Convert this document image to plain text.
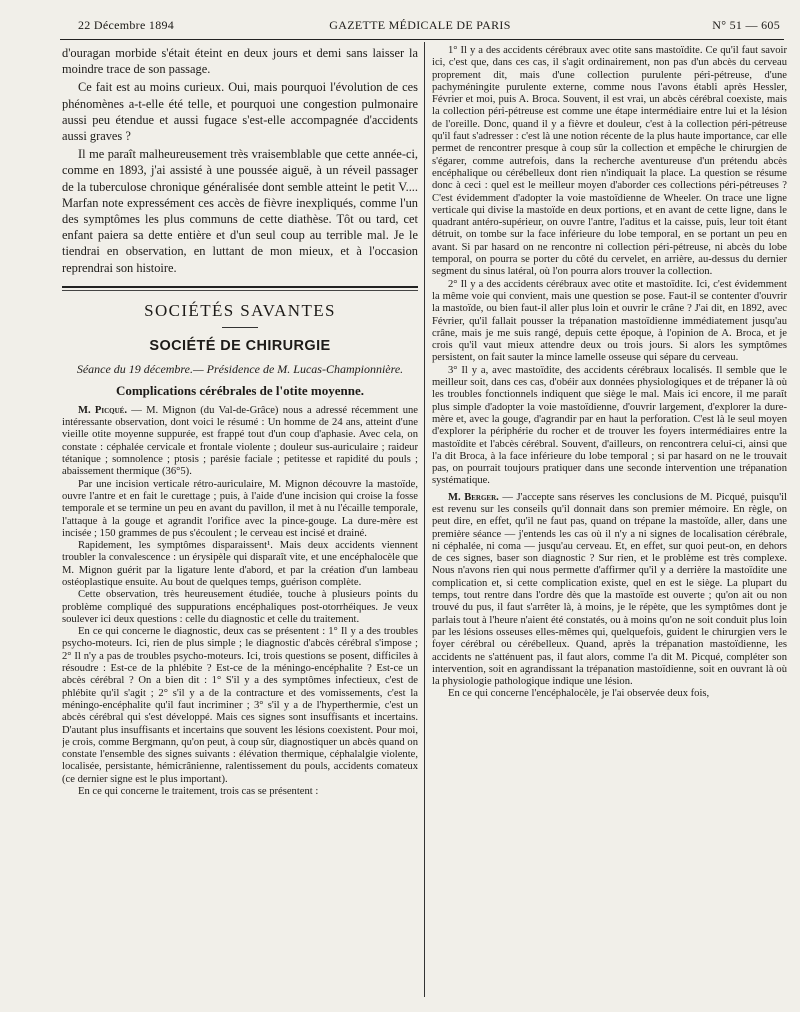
22 Décembre 1894	GAZETTE MÉDICALE DE PARIS	N° 51 — 605

d'ouragan morbide s'était éteint en deux jours et demi sans laisser la moindre trace de son passage.

Ce fait est au moins curieux. Oui, mais pourquoi l'évolution de ces phénomènes a-t-elle été telle, et pourquoi une congestion pulmonaire aussi peu étendue et aussi fugace s'est-elle accompagnée d'accidents aussi graves ?

Il me paraît malheureusement très vraisemblable que cette année-ci, comme en 1893, j'ai assisté à une poussée aiguë, à un réveil passager de la tuberculose chronique généralisée dont semble atteint le petit V.... Marfan note expressément ces accès de fièvre inexpliqués, comme l'un des symptômes les plus communs de cette diathèse. Tôt ou tard, cet enfant paiera sa dette entière et d'un seul coup au terrible mal. Je le tiendrai en observation, en luttant de mon mieux, et à l'occasion reprendrai son histoire.

SOCIÉTÉS SAVANTES
SOCIÉTÉ DE CHIRURGIE
Séance du 19 décembre.— Présidence de M. Lucas-Championnière.
Complications cérébrales de l'otite moyenne.

M. Picqué. — M. Mignon (du Val-de-Grâce) nous a adressé récemment une intéressante observation, dont voici le résumé : Un homme de 24 ans, atteint d'une vieille otite moyenne suppurée, est frappé tout d'un coup d'aphasie. Avec cela, on constate : céphalée cervicale et frontale violente ; douleur sus-auriculaire ; raideur tétanique ; somnolence ; ptosis ; parésie faciale ; petitesse et rapidité du pouls ; abaissement thermique (36°5).

Par une incision verticale rétro-auriculaire, M. Mignon découvre la mastoïde, ouvre l'antre et en fait le curettage ; puis, à l'aide d'une incision qui croise la fosse temporale et se termine un peu en avant du pavillon, il met à nu l'écaille temporale, l'attaque à la gouge et agrandit l'orifice avec la pince-gouge. La dure-mère est incisée ; 150 grammes de pus s'écoulent ; le cerveau est incisé et drainé.

Rapidement, les symptômes disparaissent¹. Mais deux accidents viennent troubler la convalescence : un érysipèle qui disparaît vite, et une encéphalocèle que M. Mignon guérit par la ligature lente d'abord, et par la création d'un lambeau ostéoplastique ensuite. Au bout de quelques temps, guérison complète.

Cette observation, très heureusement étudiée, touche à plusieurs points du problème compliqué des suppurations encéphaliques post-otorrhéiques. Je veux soulever ici deux questions : celle du diagnostic et celle du traitement.

En ce qui concerne le diagnostic, deux cas se présentent : 1° Il y a des troubles psycho-moteurs. Ici, rien de plus simple ; le diagnostic d'abcès cérébral s'impose ; 2° Il n'y a pas de troubles psycho-moteurs. Ici, trois questions se posent, difficiles à résoudre : Est-ce de la phlébite ? Est-ce de la méningo-encéphalite ? Est-ce un abcès cérébral ? On a bien dit : 1° S'il y a des symptômes infectieux, c'est de phlébite qu'il s'agit ; 2° s'il y a de la contracture et des vomissements, c'est la méningo-encéphalite qu'il faut incriminer ; 3° s'il y a de l'hyperthermie, c'est un abcès cérébral qui s'est développé. Mais ces signes sont insuffisants et incertains. D'autant plus insuffisants et incertains que souvent les lésions coexistent. Pour moi, je crois, comme Bergmann, qu'on peut, à coup sûr, diagnostiquer un abcès quand on constate l'ensemble des signes suivants : élévation thermique, céphalalgie violente, localisée, persistante, hémicrânienne, ralentissement du pouls, accidents comateux (ce dernier signe est le plus important).

En ce qui concerne le traitement, trois cas se présentent :

1° Il y a des accidents cérébraux avec otite sans mastoïdite. Ce qu'il faut savoir ici, c'est que, dans ces cas, il s'agit ordinairement, non pas d'un abcès du cerveau proprement dit, mais d'une collection purulente péri-pétreuse, d'une pachyméningite purulente externe, comme nous l'avons établi après Hessler, Février et moi, puis A. Broca. Souvent, il est vrai, un abcès cérébral coexiste, mais la collection péri-pétreuse est comme une étape intermédiaire entre lui et la lésion de l'oreille. Donc, quand il y a fièvre et douleur, c'est à la collection péri-pétreuse qu'il faut s'adresser : c'est là une notion récente de la plus haute importance, car elle permet de rencontrer presque à coup sûr la collection et empêche le chirurgien de s'égarer, comme autrefois, dans la recherche aventureuse d'un prétendu abcès encéphalique ou cérébelleux dont rien n'indiquait la place. La question se résume donc à ceci : quel est le meilleur moyen d'aborder ces collections péri-pétreuses ? C'est évidemment d'adopter la voie mastoïdienne de Wheeler. On trace une ligne verticale qui divise la mastoïde en deux portions, et en avant de cette ligne, dans le quadrant antéro-supérieur, on ouvre l'antre, l'aditus et la caisse, puis, leur toit étant détruit, on tombe sur la face inférieure du lobe temporal, en se portant un peu en avant. Si par hasard on ne rencontre ni collection péri-pétreuse, ni abcès du lobe temporal, on pourra se porter du côté du cervelet, en arrière, au-dessus du dernier segment du sinus latéral, où l'on pourra alors trouver la collection.

2° Il y a des accidents cérébraux avec otite et mastoïdite. Ici, c'est évidemment la même voie qui convient, mais une question se pose. Faut-il se contenter d'ouvrir la mastoïde, ou bien faut-il aller plus loin et ouvrir le crâne ? J'ai dit, en 1892, avec Février, qu'il fallait pousser la trépanation mastoïdienne immédiatement jusqu'au crâne, mais je me suis rangé, depuis cette époque, à l'opinion de A. Broca, et je crois qu'il vaut mieux attendre deux ou trois jours. Si alors les symptômes persistent, on fait sauter la mince lamelle osseuse qui sépare du cerveau.

3° Il y a, avec mastoïdite, des accidents cérébraux localisés. Il semble que le meilleur soit, dans ces cas, d'obéir aux données physiologiques et de trépaner là où les troubles fonctionnels indiquent que siège le mal. Mais ici encore, il me paraît plus simple d'adopter la voie mastoïdienne, d'ouvrir largement, d'explorer la dure-mère et, avec la gouge, d'agrandir par en haut la perforation. C'est là le seul moyen d'explorer la périphérie du rocher et de trouver les foyers intermédiaires entre la mastoïdite et l'abcès cérébral. Souvent, d'ailleurs, on rencontrera celui-ci, ainsi que l'a dit Broca, à la face inférieure du lobe temporal ; si par hasard on ne le trouvait pas, on pourrait toujours pratiquer dans une seconde intervention une trépanation systématique.

M. Berger. — J'accepte sans réserves les conclusions de M. Picqué, puisqu'il est revenu sur les conseils qu'il donnait dans son premier mémoire. En règle, on peut dire, en effet, qu'il ne faut pas, quand on trépane la mastoïde, aller, dans une première séance — j'entends les cas où il n'y a ni signes de localisation cérébrale, ni céphalée, ni coma — jusqu'au cerveau. Et, en effet, sur quoi peut-on, en dehors de ces signes, baser son diagnostic ? Sur rien, et le problème est très complexe. Nous n'avons rien qui nous permette d'affirmer qu'il y a derrière la mastoïdite une complication et, si cette complication existe, quel en est le siège. La plupart du temps, tout rentre dans l'ordre dès que la mastoïde est ouverte ; qu'on ait ou non trouvé du pus, il faut s'arrêter là, à moins, je le répète, que les symptômes dont je parlais tout à l'heure n'aient été constatés, ou à moins qu'on ne soit conduit plus loin par les lésions osseuses elles-mêmes qui, quelquefois, guident le chirurgien vers le foyer cérébral ou cérébelleux. Quand, après la trépanation mastoïdienne, les accidents ne s'atténuent pas, il faut alors, comme l'a dit M. Picqué, compléter son intervention, soit en agrandissant la trépanation mastoïdienne, soit en ouvrant là où la physiologie pathologique indique une lésion.

En ce qui concerne l'encéphalocèle, je l'ai observée deux fois,
